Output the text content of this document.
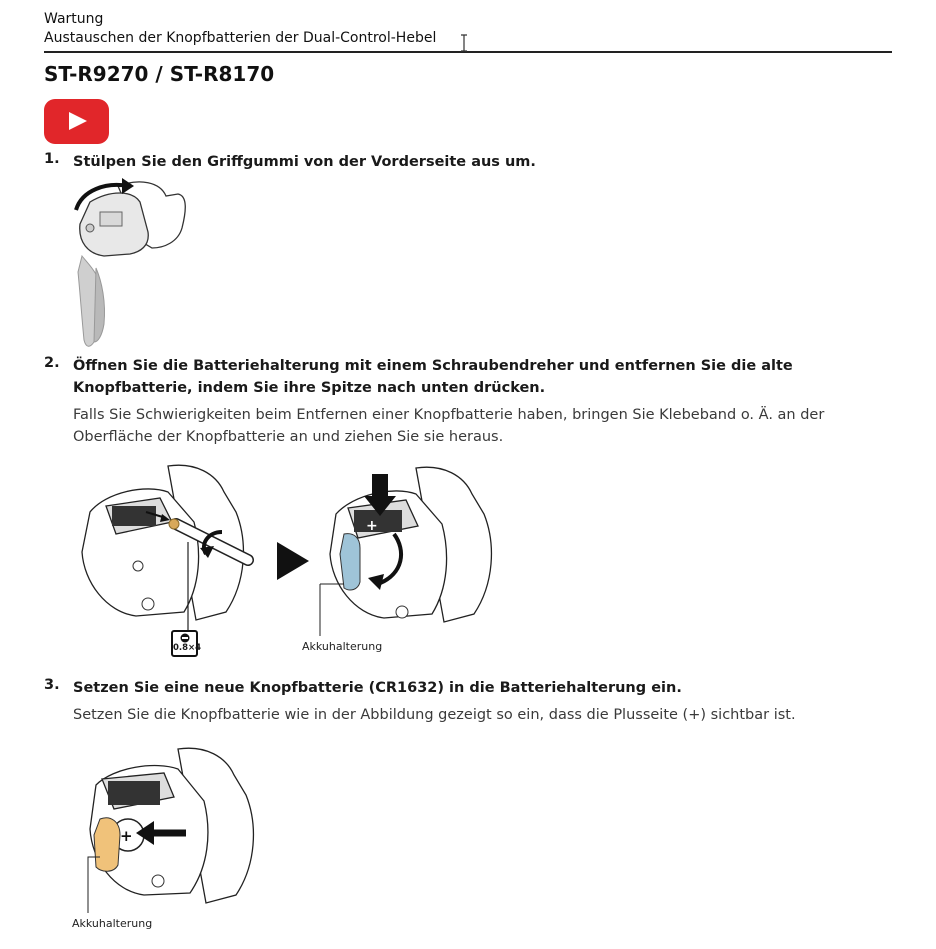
Wartung
Austauschen der Knopfbatterien der Dual-Control-Hebel
ST-R9270 / ST-R8170
1. Stülpen Sie den Griffgummi von der Vorderseite aus um.
2. Öffnen Sie die Batteriehalterung mit einem Schraubendreher und entfernen Sie die alte Knopfbatterie, indem Sie ihre Spitze nach unten drücken.
Falls Sie Schwierigkeiten beim Entfernen einer Knopfbatterie haben, bringen Sie Klebeband o. Ä. an der Oberfläche der Knopfbatterie an und ziehen Sie sie heraus.
0.8×4
+
Akkuhalterung
3. Setzen Sie eine neue Knopfbatterie (CR1632) in die Batteriehalterung ein.
Setzen Sie die Knopfbatterie wie in der Abbildung gezeigt so ein, dass die Plusseite (+) sichtbar ist.
+
Akkuhalterung
